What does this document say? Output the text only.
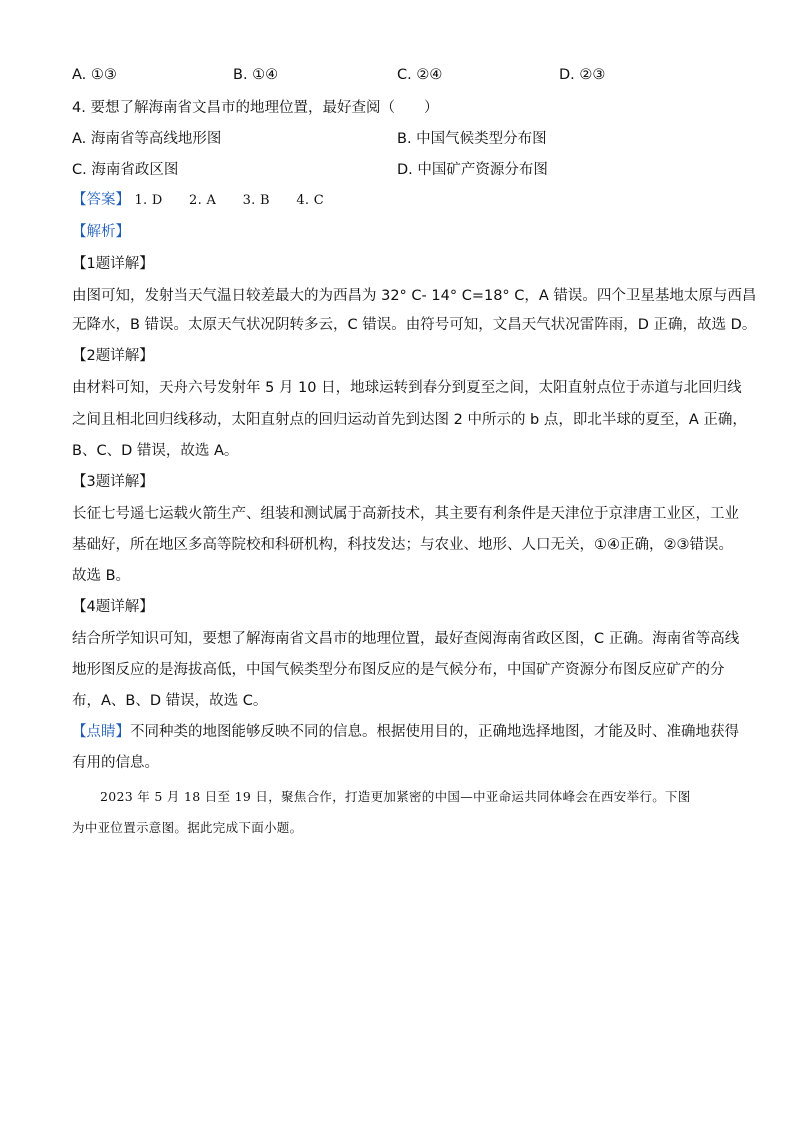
A. ①③	B. ①④	C. ②④	D. ②③
4. 要想了解海南省文昌市的地理位置，最好查阅（　　）
A. 海南省等高线地形图	B. 中国气候类型分布图
C. 海南省政区图	D. 中国矿产资源分布图
【答案】 1. D 2. A 3. B 4. C
【解析】
【1题详解】
由图可知，发射当天气温日较差最大的为西昌为 32° C- 14° C=18° C，A 错误。四个卫星基地太原与西昌
无降水，B 错误。太原天气状况阴转多云，C 错误。由符号可知，文昌天气状况雷阵雨，D 正确，故选 D。
【2题详解】
由材料可知，天舟六号发射年 5 月 10 日，地球运转到春分到夏至之间，太阳直射点位于赤道与北回归线
之间且相北回归线移动，太阳直射点的回归运动首先到达图 2 中所示的 b 点，即北半球的夏至，A 正确，
B、C、D 错误，故选 A。
【3题详解】
长征七号遥七运载火箭生产、组装和测试属于高新技术，其主要有利条件是天津位于京津唐工业区，工业
基础好，所在地区多高等院校和科研机构，科技发达；与农业、地形、人口无关，①④正确，②③错误。
故选 B。
【4题详解】
结合所学知识可知，要想了解海南省文昌市的地理位置，最好查阅海南省政区图，C 正确。海南省等高线
地形图反应的是海拔高低，中国气候类型分布图反应的是气候分布，中国矿产资源分布图反应矿产的分
布，A、B、D 错误，故选 C。
【点睛】不同种类的地图能够反映不同的信息。根据使用目的，正确地选择地图，才能及时、准确地获得
有用的信息。
2023 年 5 月 18 日至 19 日，聚焦合作，打造更加紧密的中国—中亚命运共同体峰会在西安举行。下图
为中亚位置示意图。据此完成下面小题。
